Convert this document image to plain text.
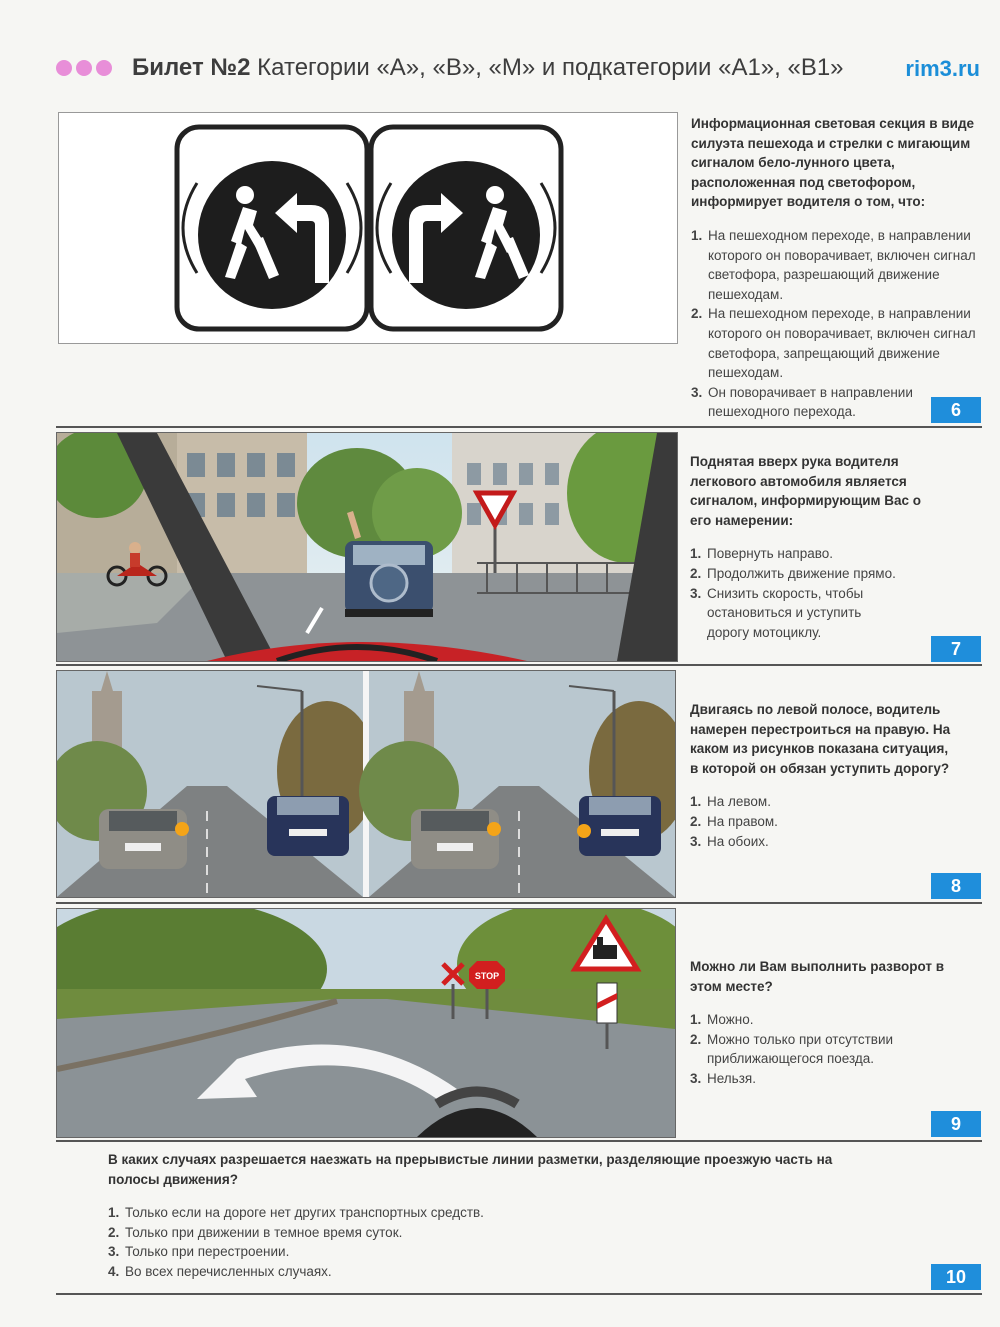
Билет №2 Категории «А», «В», «М» и подкатегории «А1», «В1»	rim3.ru
Информационная световая секция в виде силуэта пешехода и стрелки с мигающим сигналом бело-лунного цвета, расположенная под светофором, информирует водителя о том, что:
1. На пешеходном переходе, в направлении которого он поворачивает, включен сигнал светофора, разрешающий движение пешеходам.
2. На пешеходном переходе, в направлении которого он поворачивает, включен сигнал светофора, запрещающий движение пешеходам.
3. Он поворачивает в направлении пешеходного перехода.	6
Поднятая вверх рука водителя легкового автомобиля является сигналом, информирующим Вас о его намерении:
1. Повернуть направо.
2. Продолжить движение прямо.
3. Снизить скорость, чтобы остановиться и уступить дорогу мотоциклу.
7
Двигаясь по левой полосе, водитель намерен перестроиться на правую. На каком из рисунков показана ситуация, в которой он обязан уступить дорогу?
1. На левом.
2. На правом.
3. На обоих.
8
STOP
Можно ли Вам выполнить разворот в этом месте?
1. Можно.
2. Можно только при отсутствии приближающегося поезда.
3. Нельзя.
9
В каких случаях разрешается наезжать на прерывистые линии разметки, разделяющие проезжую часть на полосы движения?
1. Только если на дороге нет других транспортных средств.
2. Только при движении в темное время суток.
3. Только при перестроении.
4. Во всех перечисленных случаях.	10
